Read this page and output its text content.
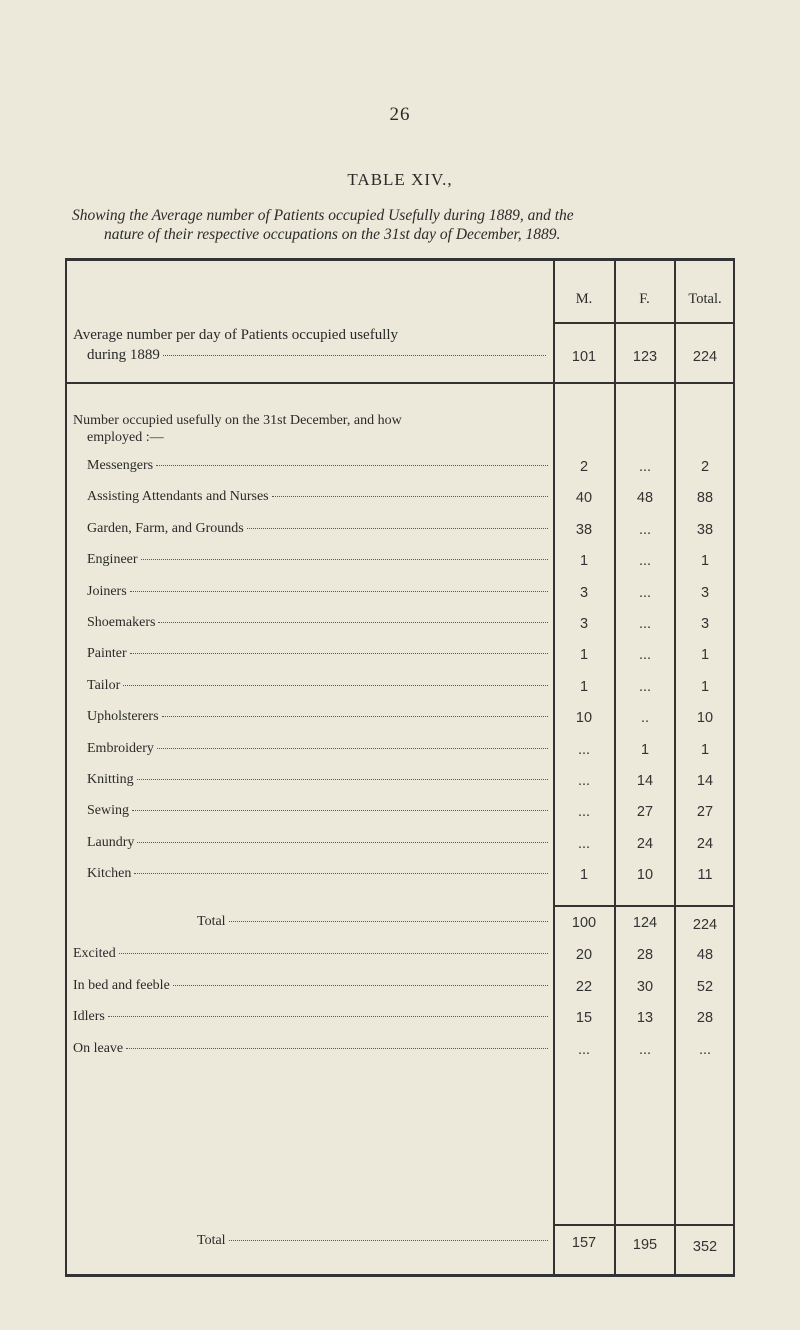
26
TABLE XIV.,
Showing the Average number of Patients occupied Usefully during 1889, and the
nature of their respective occupations on the 31st day of December, 1889.
M.	F.	Total.
Average number per day of Patients occupied usefully
during 1889	101	123	224
Number occupied usefully on the 31st December, and how
employed :—
Messengers	2	...	2
Assisting Attendants and Nurses	40	48	88
Garden, Farm, and Grounds	38	...	38
Engineer	1	...	1
Joiners	3	...	3
Shoemakers	3	...	3
Painter	1	...	1
Tailor	1	...	1
Upholsterers	10	..	10
Embroidery	...	1	1
Knitting	...	14	14
Sewing	...	27	27
Laundry	...	24	24
Kitchen	1	10	11
Total	100	124	224
Excited	20	28	48
In bed and feeble	22	30	52
Idlers	15	13	28
On leave	...	...	...
Total	157	195	352
